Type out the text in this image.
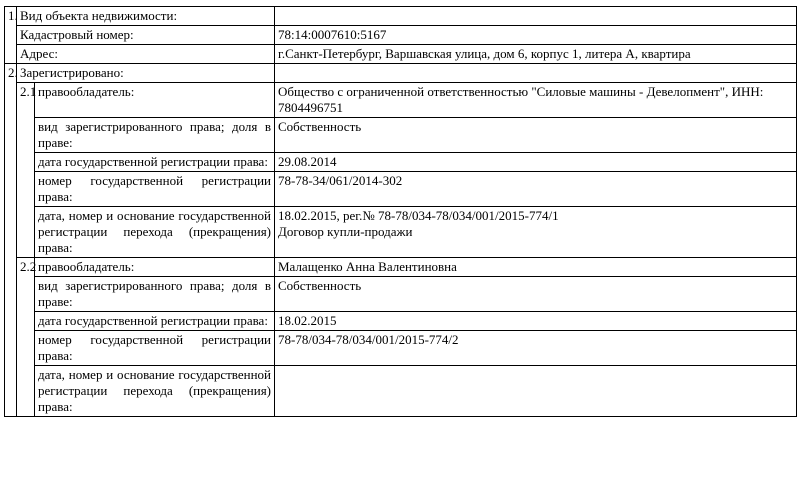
1.	Вид объекта недвижимости:		
	Кадастровый номер:		78:14:0007610:5167
	Адрес:		г.Санкт-Петербург, Варшавская улица, дом 6, корпус 1, литера А, квартира
2.	Зарегистрировано:		
	2.1	правообладатель:	Общество с ограниченной ответственностью "Силовые машины - Девелопмент", ИНН: 7804496751
		вид зарегистрированного права; доля в праве:	Собственность
		дата государственной регистрации права:	29.08.2014
		номер государственной регистрации права:	78-78-34/061/2014-302
		дата, номер и основание государственной регистрации перехода (прекращения) права:	18.02.2015, рег.№ 78-78/034-78/034/001/2015-774/1
Договор купли-продажи

	2.2	правообладатель:	Малащенко Анна Валентиновна
		вид зарегистрированного права; доля в праве:	Собственность
		дата государственной регистрации права:	18.02.2015
		номер государственной регистрации права:	78-78/034-78/034/001/2015-774/2
		дата, номер и основание государственной регистрации перехода (прекращения) права:	
